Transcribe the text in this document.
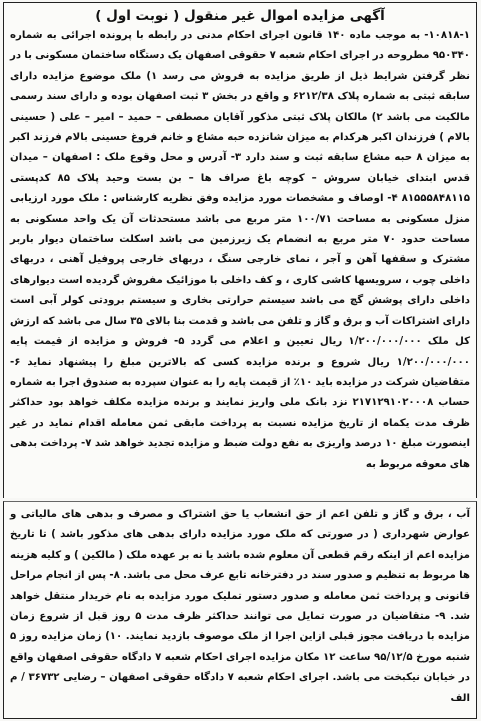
آگهی مزایده اموال غیر منقول ( نوبت اول )
۱۰۸۱۸-۱- به موجب ماده ۱۴۰ قانون اجرای احکام مدنی در رابطه با پرونده اجرائی به شماره ۹۵۰۳۴۰ مطروحه در اجرای احکام شعبه ۷ حقوقی اصفهان یک دستگاه ساختمان مسکونی با در نظر گرفتن شرایط ذیل از طریق مزایده به فروش می رسد ۱) ملک موضوع مزایده دارای سابقه ثبتی به شماره پلاک ۶۲۱۲/۳۸ و واقع در بخش ۳ ثبت اصفهان بوده و دارای سند رسمی مالکیت می باشد ۲) مالکان پلاک ثبتی مذکور آقایان مصطفی – حمید – امیر – علی ( حسینی بالام ) فرزندان اکبر هرکدام به میزان شانزده حبه مشاع و خانم فروغ حسینی بالام فرزند اکبر به میزان ۸ حبه مشاع سابقه ثبت و سند دارد ۳- آدرس و محل وقوع ملک : اصفهان – میدان قدس ابتدای خیابان سروش – کوچه باغ صراف ها – بن بست وحید پلاک ۸۵ کدپستی ۸۱۵۵۵۸۴۸۱۱۵ ۴- اوصاف و مشخصات مورد مزایده وفق نظریه کارشناس : ملک مورد ارزیابی منزل مسکونی به مساحت ۱۰۰/۷۱ متر مربع می باشد مستحدثات آن یک واحد مسکونی به مساحت حدود ۷۰ متر مربع به انضمام یک زیرزمین می باشد اسکلت ساختمان دیوار باربر مشترک و سقفها آهن و آجر ، نمای خارجی سنگ ، دربهای خارجی پروفیل آهنی ، دربهای داخلی چوب ، سرویسها کاشی کاری ، و کف داخلی با موزائیک مفروش گردیده است دیوارهای داخلی دارای پوشش گچ می باشد سیستم حرارتی بخاری و سیستم برودتی کولر آبی است دارای اشتراکات آب و برق و گاز و تلفن می باشد و قدمت بنا بالای ۳۵ سال می باشد که ارزش کل ملک ۱/۲۰۰/۰۰۰/۰۰۰ ریال تعیین و اعلام می گردد ۵- فروش و مزایده از قیمت پایه ۱/۲۰۰/۰۰۰/۰۰۰ ریال شروع و برنده مزایده کسی که بالاترین مبلغ را پیشنهاد نماید ۶- متقاضیان شرکت در مزایده باید ۱۰٪ از قیمت پایه را به عنوان سپرده به صندوق اجرا به شماره حساب ۲۱۷۱۲۹۱۰۲۰۰۰۸ نزد بانک ملی واریز نمایند و برنده مزایده مکلف خواهد بود حداکثر ظرف مدت یکماه از تاریخ مزایده نسبت به پرداخت مابقی ثمن معامله اقدام نماید در غیر اینصورت مبلغ ۱۰ درصد واریزی به نفع دولت ضبط و مزایده تجدید خواهد شد ۷- پرداخت بدهی های معوقه مربوط به
آب ، برق و گاز و تلفن اعم از حق انشعاب یا حق اشتراک و مصرف و بدهی های مالیاتی و عوارض شهرداری ( در صورتی که ملک مورد مزایده دارای بدهی های مذکور باشد ) تا تاریخ مزایده اعم از اینکه رقم قطعی آن معلوم شده باشد یا نه بر عهده ملک ( مالکین ) و کلیه هزینه ها مربوط به تنظیم و صدور سند در دفترخانه تابع عرف محل می باشد. ۸- پس از انجام مراحل قانونی و پرداخت ثمن معامله و صدور دستور تملیک مورد مزایده به نام خریدار منتقل خواهد شد. ۹- متقاضیان در صورت تمایل می توانند حداکثر ظرف مدت ۵ روز قبل از شروع زمان مزایده با دریافت مجوز قبلی ازاین اجرا از ملک موصوف بازدید نمایند. ۱۰) زمان مزایده روز ۵ شنبه مورخ ۹۵/۱۲/۵ ساعت ۱۲ مکان مزایده اجرای احکام شعبه ۷ دادگاه حقوقی اصفهان واقع در خیابان نیکبخت می باشد. اجرای احکام شعبه ۷ دادگاه حقوقی اصفهان – رضایی ۳۶۷۳۲ / م الف
